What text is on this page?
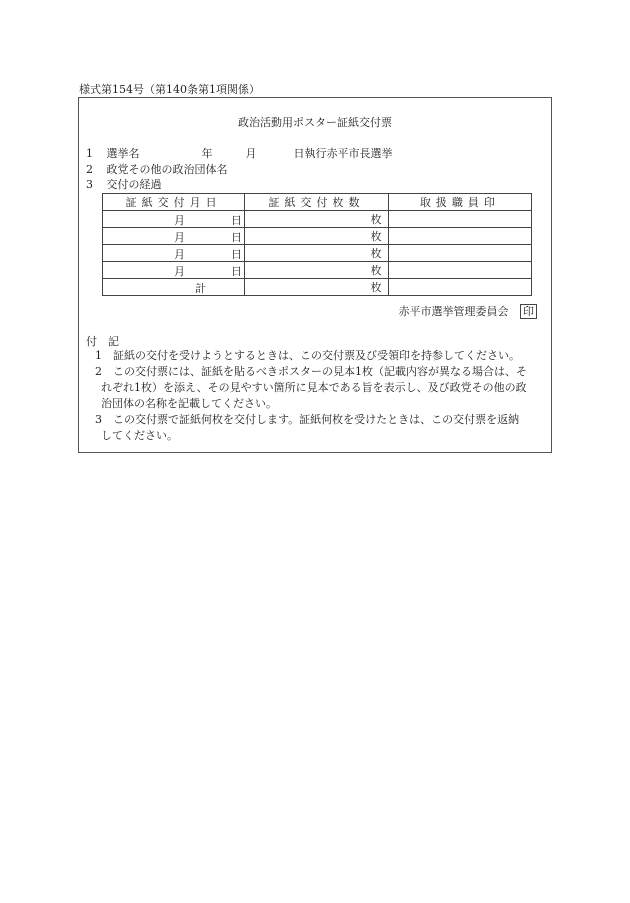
様式第154号（第140条第1項関係）
政治活動用ポスター証紙交付票
1 選挙名	年	月	日執行赤平市長選挙
2 政党その他の政治団体名
3 交付の経過
証紙交付月日	証紙交付枚数	取扱職員印

月 日	枚	

月 日	枚	

月 日	枚	

月 日	枚	

計	枚	
赤平市選挙管理委員会 印
付　記
1 証紙の交付を受けようとするときは、この交付票及び受領印を持参してください。
2 この交付票には、証紙を貼るべきポスターの見本1枚（記載内容が異なる場合は、そ
れぞれ1枚）を添え、その見やすい箇所に見本である旨を表示し、及び政党その他の政
治団体の名称を記載してください。
3 この交付票で証紙何枚を交付します。証紙何枚を受けたときは、この交付票を返納
してください。
